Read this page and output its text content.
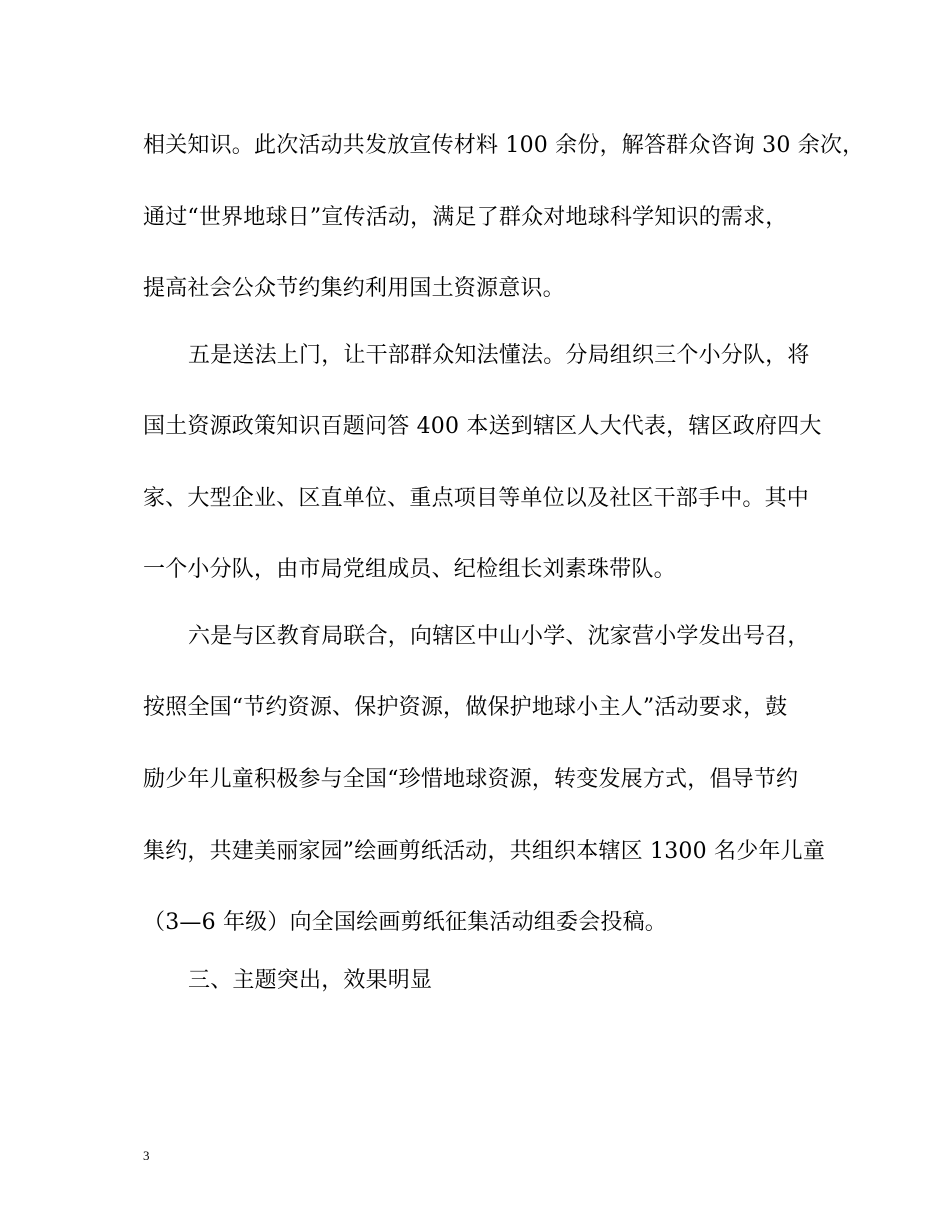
相关知识。此次活动共发放宣传材料 100 余份，解答群众咨询 30 余次，
通过“世界地球日”宣传活动，满足了群众对地球科学知识的需求，
提高社会公众节约集约利用国土资源意识。
五是送法上门，让干部群众知法懂法。分局组织三个小分队，将
国土资源政策知识百题问答 400 本送到辖区人大代表，辖区政府四大
家、大型企业、区直单位、重点项目等单位以及社区干部手中。其中
一个小分队，由市局党组成员、纪检组长刘素珠带队。
六是与区教育局联合，向辖区中山小学、沈家营小学发出号召，
按照全国“节约资源、保护资源，做保护地球小主人”活动要求，鼓
励少年儿童积极参与全国“珍惜地球资源，转变发展方式，倡导节约
集约，共建美丽家园”绘画剪纸活动，共组织本辖区 1300 名少年儿童
（3—6 年级）向全国绘画剪纸征集活动组委会投稿。
三、主题突出，效果明显
3
